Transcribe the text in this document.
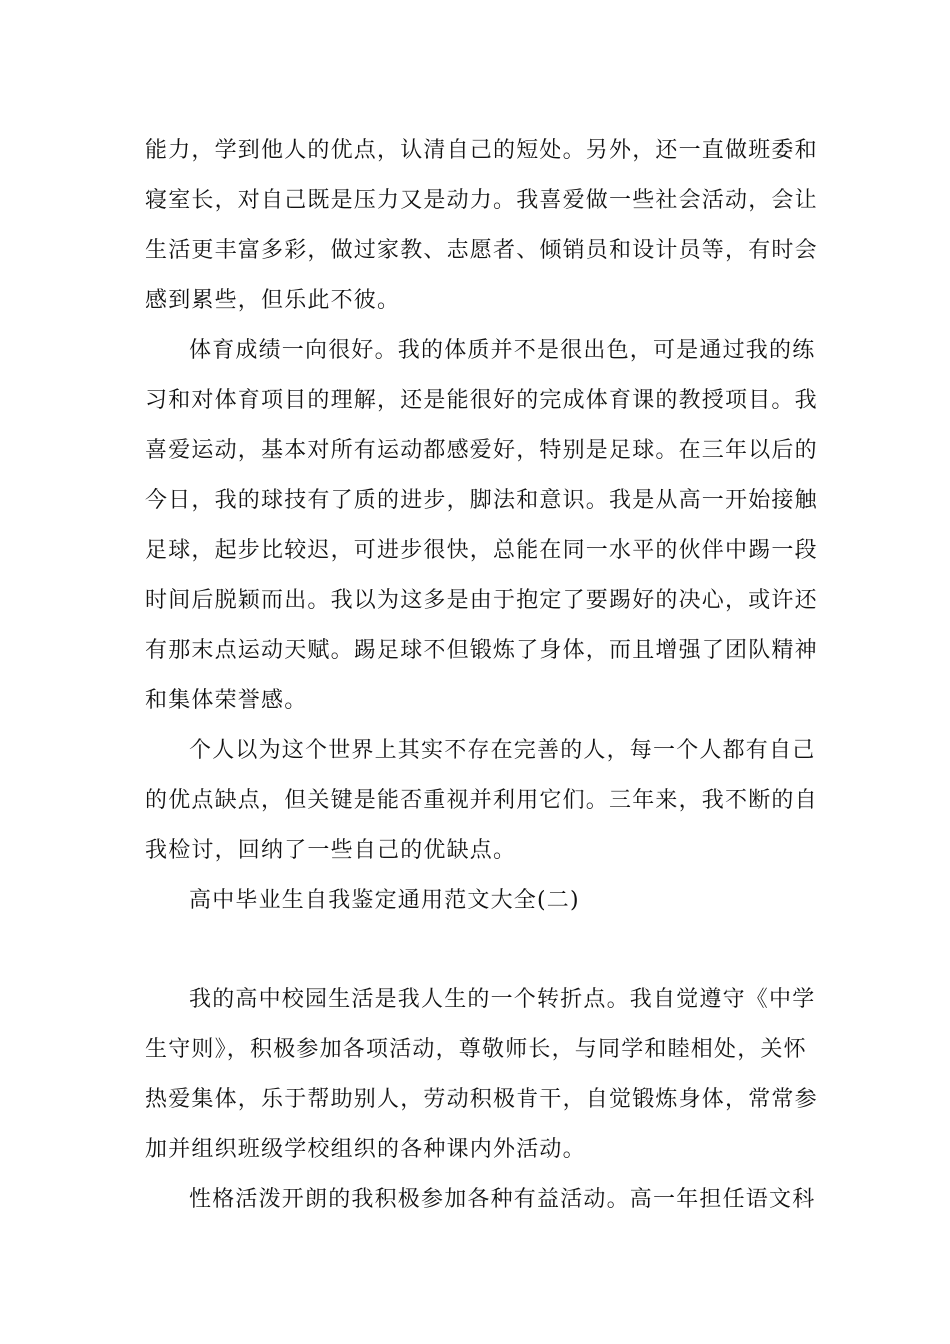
能力，学到他人的优点，认清自己的短处。另外，还一直做班委和
寝室长，对自己既是压力又是动力。我喜爱做一些社会活动，会让
生活更丰富多彩，做过家教、志愿者、倾销员和设计员等，有时会
感到累些，但乐此不彼。
体育成绩一向很好。我的体质并不是很出色，可是通过我的练
习和对体育项目的理解，还是能很好的完成体育课的教授项目。我
喜爱运动，基本对所有运动都感爱好，特别是足球。在三年以后的
今日，我的球技有了质的进步，脚法和意识。我是从高一开始接触
足球，起步比较迟，可进步很快，总能在同一水平的伙伴中踢一段
时间后脱颖而出。我以为这多是由于抱定了要踢好的决心，或许还
有那末点运动天赋。踢足球不但锻炼了身体，而且增强了团队精神
和集体荣誉感。
个人以为这个世界上其实不存在完善的人，每一个人都有自己
的优点缺点，但关键是能否重视并利用它们。三年来，我不断的自
我检讨，回纳了一些自己的优缺点。
高中毕业生自我鉴定通用范文大全(二)
我的高中校园生活是我人生的一个转折点。我自觉遵守《中学
生守则》，积极参加各项活动，尊敬师长，与同学和睦相处，关怀
热爱集体，乐于帮助别人，劳动积极肯干，自觉锻炼身体，常常参
加并组织班级学校组织的各种课内外活动。
性格活泼开朗的我积极参加各种有益活动。高一年担任语文科
